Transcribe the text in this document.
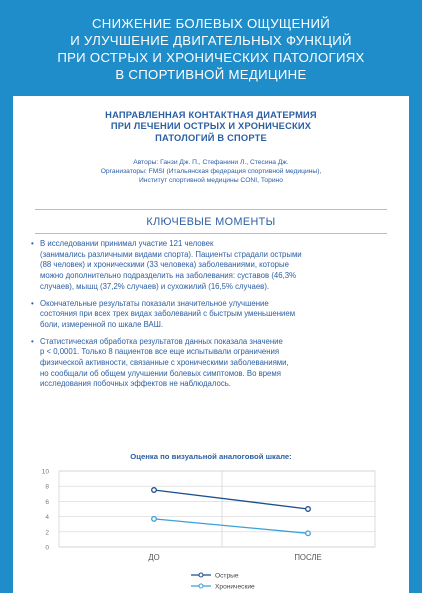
СНИЖЕНИЕ БОЛЕВЫХ ОЩУЩЕНИЙ
И УЛУЧШЕНИЕ ДВИГАТЕЛЬНЫХ ФУНКЦИЙ
ПРИ ОСТРЫХ И ХРОНИЧЕСКИХ ПАТОЛОГИЯХ
В СПОРТИВНОЙ МЕДИЦИНЕ
НАПРАВЛЕННАЯ КОНТАКТНАЯ ДИАТЕРМИЯ
ПРИ ЛЕЧЕНИИ ОСТРЫХ И ХРОНИЧЕСКИХ
ПАТОЛОГИЙ В СПОРТЕ
Авторы: Ганзи Дж. П., Стефанини Л., Стесина Дж.
Организаторы: FMSI (Итальянская федерация спортивной медицины),
Институт спортивной медицины CONI, Торино
КЛЮЧЕВЫЕ МОМЕНТЫ
• В исследовании принимал участие 121 человек
(занимались различными видами спорта). Пациенты страдали острыми
(88 человек) и хроническими (33 человека) заболеваниями, которые
можно дополнительно подразделить на заболевания: суставов (46,3%
случаев), мышц (37,2% случаев) и сухожилий (16,5% случаев).
• Окончательные результаты показали значительное улучшение
состояния при всех трех видах заболеваний с быстрым уменьшением
боли, измеренной по шкале ВАШ.
• Статистическая обработка результатов данных показала значение
p < 0,0001. Только 8 пациентов все еще испытывали ограничения
физической активности, связанные с хроническими заболеваниями,
но сообщали об общем улучшении болевых симптомов. Во время
исследования побочных эффектов не наблюдалось.
Оценка по визуальной аналоговой шкале:
0
2
4
6
8
10
ДО	ПОСЛЕ
Острые
Хронические
